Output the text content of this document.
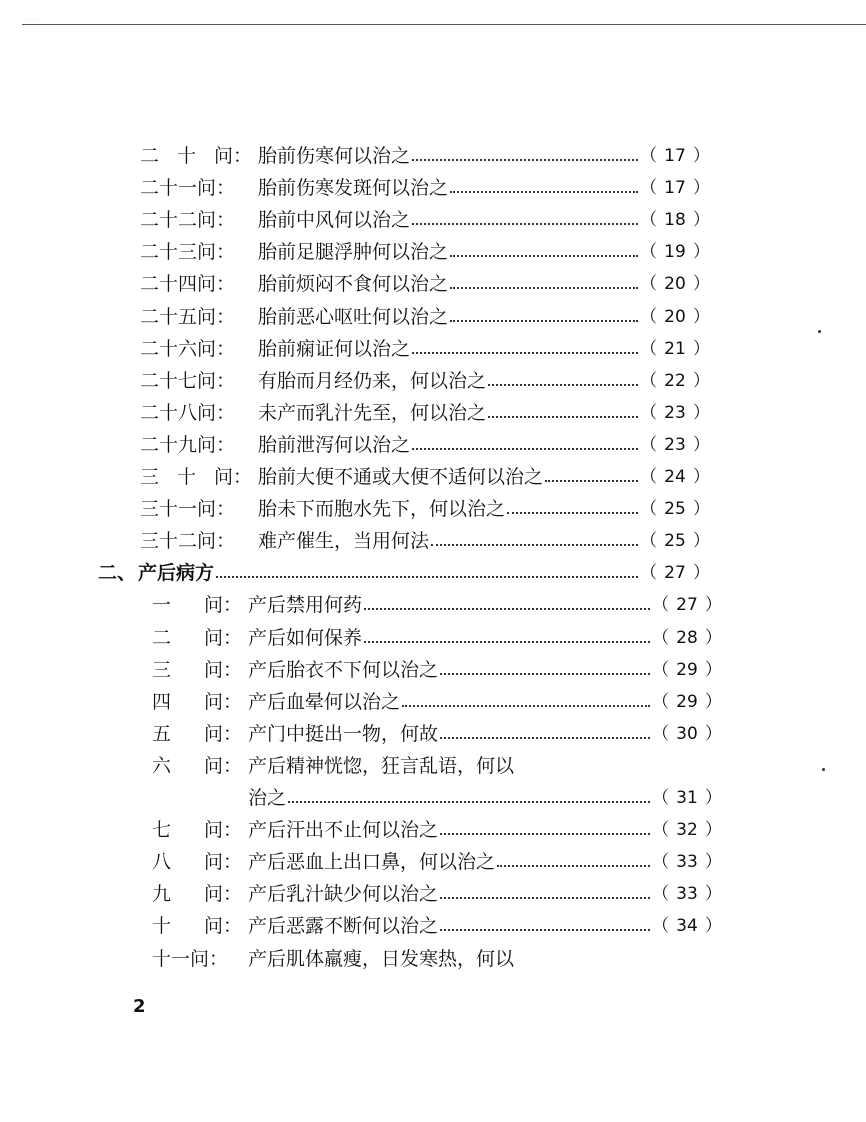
·····
二 十 问： 胎前伤寒何以治之	（ 17 ）
二十一问： 胎前伤寒发斑何以治之	（ 17 ）
二十二问： 胎前中风何以治之	（ 18 ）
二十三问： 胎前足腿浮肿何以治之	（ 19 ）
二十四问： 胎前烦闷不食何以治之	（ 20 ）
二十五问： 胎前恶心呕吐何以治之	（ 20 ）
二十六问： 胎前痫证何以治之	（ 21 ）
二十七问： 有胎而月经仍来，何以治之	（ 22 ）
二十八问： 未产而乳汁先至，何以治之	（ 23 ）
二十九问： 胎前泄泻何以治之	（ 23 ）
三 十 问： 胎前大便不通或大便不适何以治之	（ 24 ）
三十一问： 胎未下而胞水先下，何以治之	（ 25 ）
三十二问： 难产催生，当用何法	（ 25 ）
二、 产后病方	（ 27 ）
一 问： 产后禁用何药	（ 27 ）
二 问： 产后如何保养	（ 28 ）
三 问： 产后胎衣不下何以治之	（ 29 ）
四 问： 产后血晕何以治之	（ 29 ）
五 问： 产门中挺出一物，何故	（ 30 ）
六 问： 产后精神恍惚，狂言乱语，何以
治之	（ 31 ）
七 问： 产后汗出不止何以治之	（ 32 ）
八 问： 产后恶血上出口鼻，何以治之	（ 33 ）
九 问： 产后乳汁缺少何以治之	（ 33 ）
十 问： 产后恶露不断何以治之	（ 34 ）
十一问： 产后肌体羸瘦，日发寒热，何以
2
